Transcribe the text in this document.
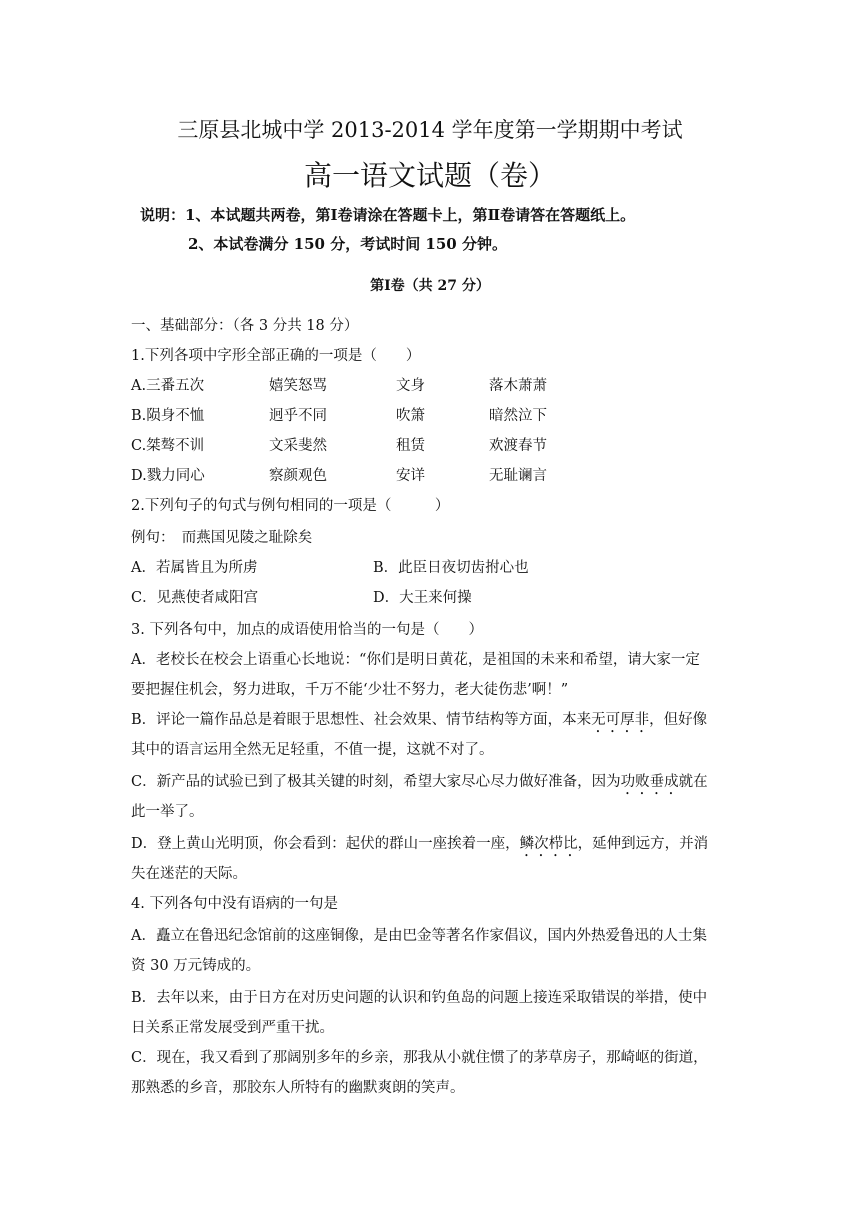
三原县北城中学 2013-2014 学年度第一学期期中考试
高一语文试题（卷）
说明：1、本试题共两卷，第Ⅰ卷请涂在答题卡上，第Ⅱ卷请答在答题纸上。
2、本试卷满分 150 分，考试时间 150 分钟。
第Ⅰ卷（共 27 分）
一、基础部分：（各 3 分共 18 分）
1.下列各项中字形全部正确的一项是（　　）
A.三番五次	嬉笑怒骂	文身	落木萧萧
B.陨身不恤	迥乎不同	吹箫	暗然泣下
C.桀骜不训	文采斐然	租赁	欢渡春节
D.戮力同心	察颜观色	安详	无耻谰言
2.下列句子的句式与例句相同的一项是（　　　）
例句：　而燕国见陵之耻除矣
A．若属皆且为所虏	B．此臣日夜切齿拊心也
C．见燕使者咸阳宫	D．大王来何操
3. 下列各句中，加点的成语使用恰当的一句是（　　）
A．老校长在校会上语重心长地说：“你们是明日黄花，是祖国的未来和希望，请大家一定
要把握住机会，努力进取，千万不能‘少壮不努力，老大徒伤悲’啊！”
B．评论一篇作品总是着眼于思想性、社会效果、情节结构等方面，本来无可厚非，但好像
其中的语言运用全然无足轻重，不值一提，这就不对了。
C．新产品的试验已到了极其关键的时刻，希望大家尽心尽力做好准备，因为功败垂成就在
此一举了。
D．登上黄山光明顶，你会看到：起伏的群山一座挨着一座，鳞次栉比，延伸到远方，并消
失在迷茫的天际。
4. 下列各句中没有语病的一句是
A．矗立在鲁迅纪念馆前的这座铜像，是由巴金等著名作家倡议，国内外热爱鲁迅的人士集
资 30 万元铸成的。
B．去年以来，由于日方在对历史问题的认识和钓鱼岛的问题上接连采取错误的举措，使中
日关系正常发展受到严重干扰。
C．现在，我又看到了那阔别多年的乡亲，那我从小就住惯了的茅草房子，那崎岖的街道，
那熟悉的乡音，那胶东人所特有的幽默爽朗的笑声。
